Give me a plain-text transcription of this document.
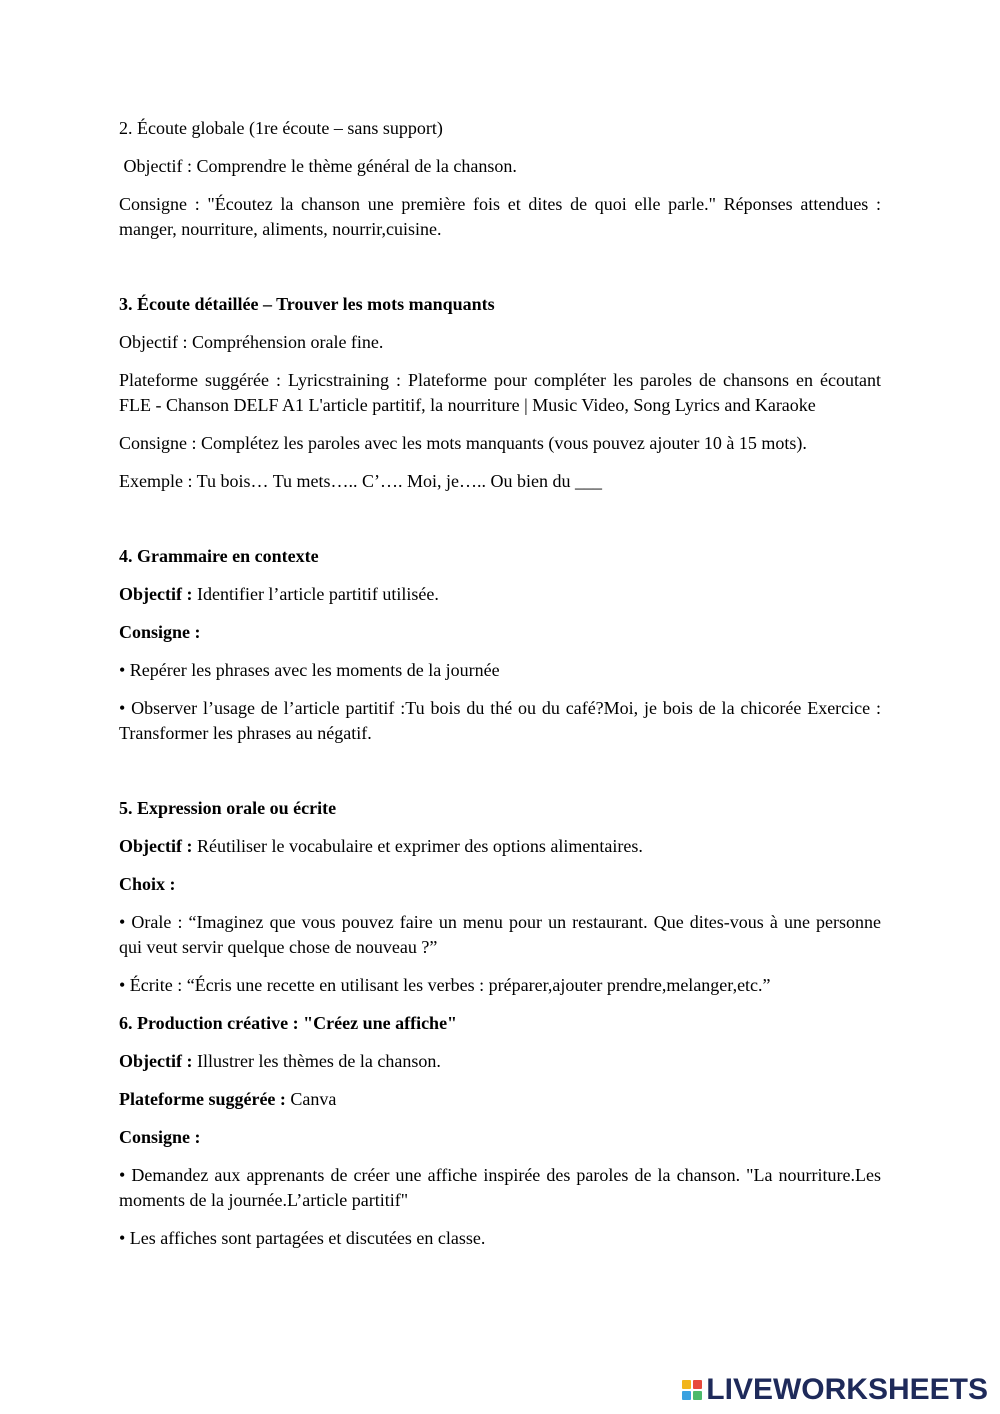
2. Écoute globale (1re écoute – sans support)

Objectif : Comprendre le thème général de la chanson.

Consigne : "Écoutez la chanson une première fois et dites de quoi elle parle." Réponses attendues : manger, nourriture, aliments, nourrir,cuisine.

3. Écoute détaillée – Trouver les mots manquants

Objectif : Compréhension orale fine.

Plateforme suggérée : Lyricstraining : Plateforme pour compléter les paroles de chansons en écoutant FLE - Chanson DELF A1 L'article partitif, la nourriture | Music Video, Song Lyrics and Karaoke

Consigne : Complétez les paroles avec les mots manquants (vous pouvez ajouter 10 à 15 mots).

Exemple : Tu bois… Tu mets….. C’…. Moi, je….. Ou bien du ___

4. Grammaire en contexte

Objectif : Identifier l’article partitif utilisée.

Consigne :

• Repérer les phrases avec les moments de la journée

• Observer l’usage de l’article partitif :Tu bois du thé ou du café?Moi, je bois de la chicorée Exercice : Transformer les phrases au négatif.

5. Expression orale ou écrite

Objectif : Réutiliser le vocabulaire et exprimer des options alimentaires.

Choix :

• Orale : “Imaginez que vous pouvez faire un menu pour un restaurant. Que dites-vous à une personne qui veut servir quelque chose de nouveau ?”

• Écrite : “Écris une recette en utilisant les verbes : préparer,ajouter prendre,melanger,etc.”

6. Production créative : "Créez une affiche"

Objectif : Illustrer les thèmes de la chanson.

Plateforme suggérée : Canva

Consigne :

• Demandez aux apprenants de créer une affiche inspirée des paroles de la chanson. "La nourriture.Les moments de la journée.L’article partitif"

• Les affiches sont partagées et discutées en classe.

LIVEWORKSHEETS
